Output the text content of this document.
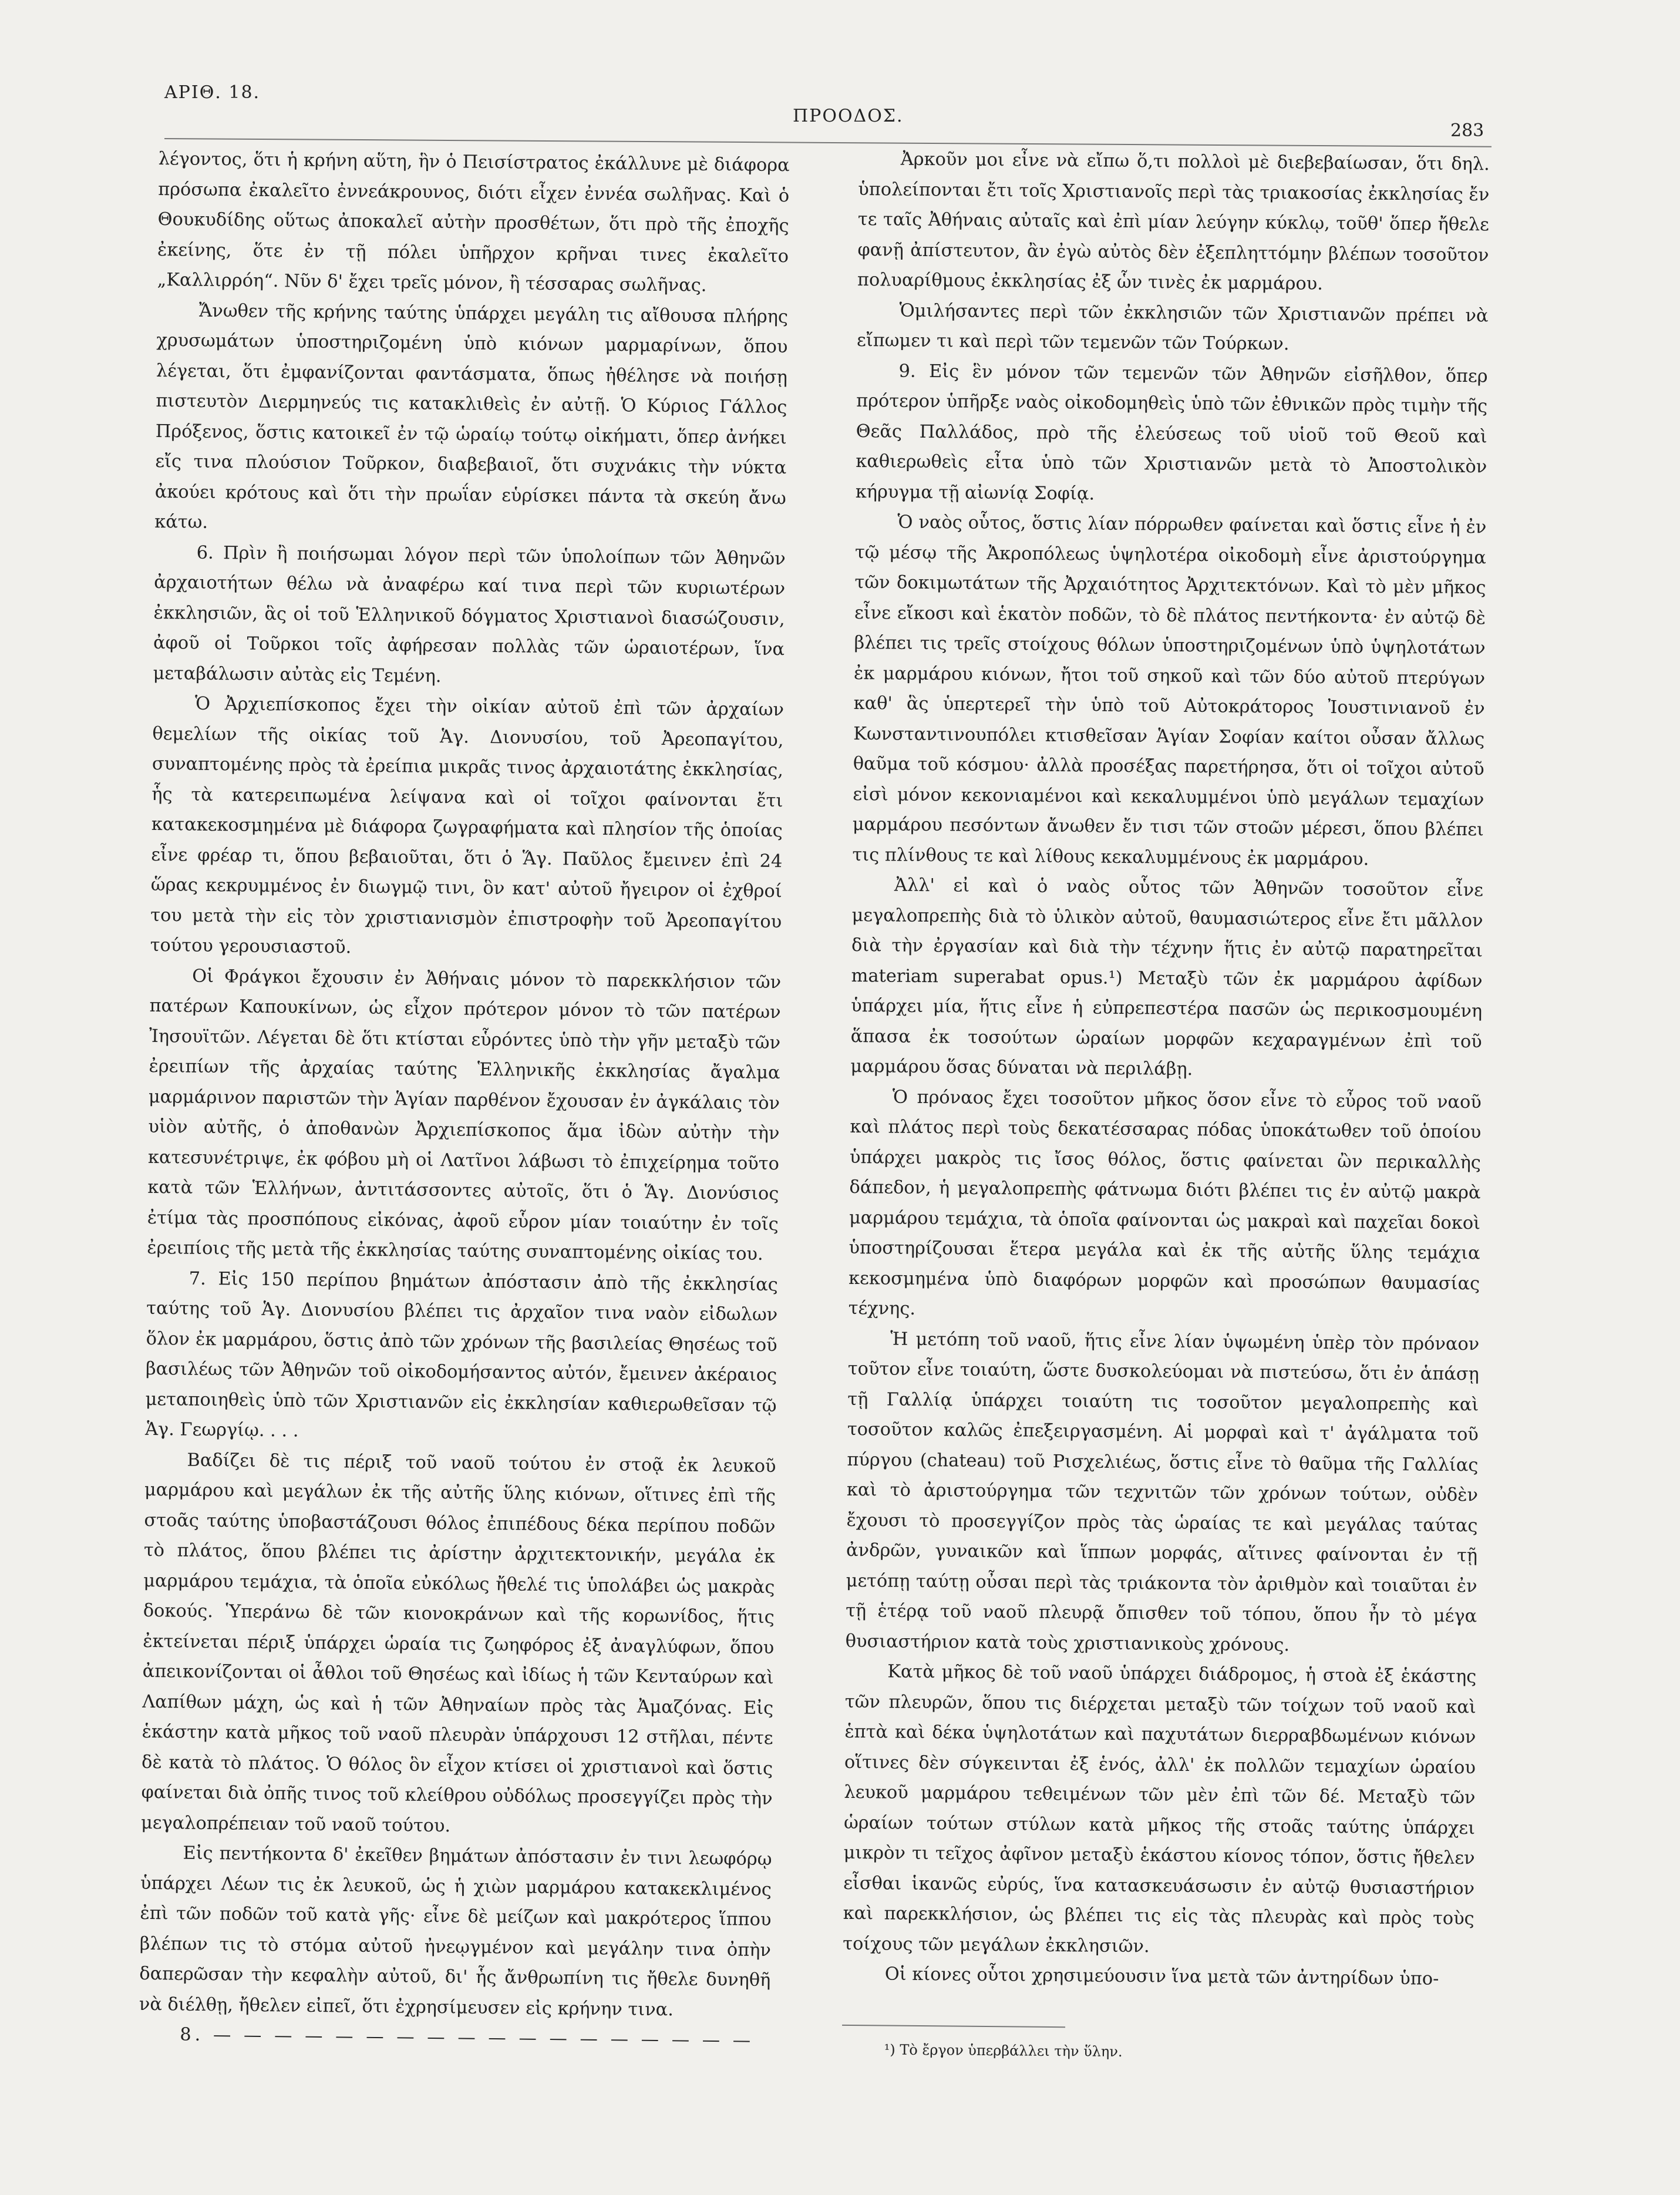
ΑΡΙΘ. 18.
ΠΡΟΟΔΟΣ.
283

λέγοντος, ὅτι ἡ κρήνη αὕτη, ἣν ὁ Πεισίστρατος ἐκάλλυνε μὲ διάφορα πρόσωπα ἐκαλεῖτο ἐννεάκρουνος, διότι εἶχεν ἐννέα σωλῆνας. Καὶ ὁ Θουκυδίδης οὕτως ἀποκαλεῖ αὐτὴν προσθέτων, ὅτι πρὸ τῆς ἐποχῆς ἐκείνης, ὅτε ἐν τῇ πόλει ὑπῆρχον κρῆναι τινες ἐκαλεῖτο „Καλλιρρόη“. Νῦν δ' ἔχει τρεῖς μόνον, ἢ τέσσαρας σωλῆνας.

Ἄνωθεν τῆς κρήνης ταύτης ὑπάρχει μεγάλη τις αἴθουσα πλήρης χρυσωμάτων ὑποστηριζομένη ὑπὸ κιόνων μαρμαρίνων, ὅπου λέγεται, ὅτι ἐμφανίζονται φαντάσματα, ὅπως ἠθέλησε νὰ ποιήσῃ πιστευτὸν Διερμηνεύς τις κατακλιθεὶς ἐν αὐτῇ. Ὁ Κύριος Γάλλος Πρόξενος, ὅστις κατοικεῖ ἐν τῷ ὡραίῳ τούτῳ οἰκήματι, ὅπερ ἀνήκει εἴς τινα πλούσιον Τοῦρκον, διαβεβαιοῖ, ὅτι συχνάκις τὴν νύκτα ἀκούει κρότους καὶ ὅτι τὴν πρωΐαν εὑρίσκει πάντα τὰ σκεύη ἄνω κάτω.

6. Πρὶν ἢ ποιήσωμαι λόγον περὶ τῶν ὑπολοίπων τῶν Ἀθηνῶν ἀρχαιοτήτων θέλω νὰ ἀναφέρω καί τινα περὶ τῶν κυριωτέρων ἐκκλησιῶν, ἃς οἱ τοῦ Ἑλληνικοῦ δόγματος Χριστιανοὶ διασώζουσιν, ἀφοῦ οἱ Τοῦρκοι τοῖς ἀφήρεσαν πολλὰς τῶν ὡραιοτέρων, ἵνα μεταβάλωσιν αὐτὰς εἰς Τεμένη.

Ὁ Ἀρχιεπίσκοπος ἔχει τὴν οἰκίαν αὐτοῦ ἐπὶ τῶν ἀρχαίων θεμελίων τῆς οἰκίας τοῦ Ἁγ. Διονυσίου, τοῦ Ἀρεοπαγίτου, συναπτομένης πρὸς τὰ ἐρείπια μικρᾶς τινος ἀρχαιοτάτης ἐκκλησίας, ἧς τὰ κατερειπωμένα λείψανα καὶ οἱ τοῖχοι φαίνονται ἔτι κατακεκοσμημένα μὲ διάφορα ζωγραφήματα καὶ πλησίον τῆς ὁποίας εἶνε φρέαρ τι, ὅπου βεβαιοῦται, ὅτι ὁ Ἅγ. Παῦλος ἔμεινεν ἐπὶ 24 ὥρας κεκρυμμένος ἐν διωγμῷ τινι, ὃν κατ' αὐτοῦ ἤγειρον οἱ ἐχθροί του μετὰ τὴν εἰς τὸν χριστιανισμὸν ἐπιστροφὴν τοῦ Ἀρεοπαγίτου τούτου γερουσιαστοῦ.

Οἱ Φράγκοι ἔχουσιν ἐν Ἀθήναις μόνον τὸ παρεκκλήσιον τῶν πατέρων Καπουκίνων, ὡς εἶχον πρότερον μόνον τὸ τῶν πατέρων Ἰησουϊτῶν. Λέγεται δὲ ὅτι κτίσται εὗρόντες ὑπὸ τὴν γῆν μεταξὺ τῶν ἐρειπίων τῆς ἀρχαίας ταύτης Ἑλληνικῆς ἐκκλησίας ἄγαλμα μαρμάρινον παριστῶν τὴν Ἁγίαν παρθένον ἔχουσαν ἐν ἀγκάλαις τὸν υἱὸν αὐτῆς, ὁ ἀποθανὼν Ἀρχιεπίσκοπος ἅμα ἰδὼν αὐτὴν τὴν κατεσυνέτριψε, ἐκ φόβου μὴ οἱ Λατῖνοι λάβωσι τὸ ἐπιχείρημα τοῦτο κατὰ τῶν Ἑλλήνων, ἀντιτάσσοντες αὐτοῖς, ὅτι ὁ Ἅγ. Διονύσιος ἐτίμα τὰς προσπόπους εἰκόνας, ἀφοῦ εὗρον μίαν τοιαύτην ἐν τοῖς ἐρειπίοις τῆς μετὰ τῆς ἐκκλησίας ταύτης συναπτομένης οἰκίας του.

7. Εἰς 150 περίπου βημάτων ἀπόστασιν ἀπὸ τῆς ἐκκλησίας ταύτης τοῦ Ἁγ. Διονυσίου βλέπει τις ἀρχαῖον τινα ναὸν εἰδωλων ὅλον ἐκ μαρμάρου, ὅστις ἀπὸ τῶν χρόνων τῆς βασιλείας Θησέως τοῦ βασιλέως τῶν Ἀθηνῶν τοῦ οἰκοδομήσαντος αὐτόν, ἔμεινεν ἀκέραιος μεταποιηθεὶς ὑπὸ τῶν Χριστιανῶν εἰς ἐκκλησίαν καθιερωθεῖσαν τῷ Ἁγ. Γεωργίῳ. . . .

Βαδίζει δὲ τις πέριξ τοῦ ναοῦ τούτου ἐν στοᾷ ἐκ λευκοῦ μαρμάρου καὶ μεγάλων ἐκ τῆς αὐτῆς ὕλης κιόνων, οἵτινες ἐπὶ τῆς στοᾶς ταύτης ὑποβαστάζουσι θόλος ἐπιπέδους δέκα περίπου ποδῶν τὸ πλάτος, ὅπου βλέπει τις ἀρίστην ἀρχιτεκτονικήν, μεγάλα ἐκ μαρμάρου τεμάχια, τὰ ὁποῖα εὐκόλως ἤθελέ τις ὑπολάβει ὡς μακρὰς δοκούς. Ὑπεράνω δὲ τῶν κιονοκράνων καὶ τῆς κορωνίδος, ἥτις ἐκτείνεται πέριξ ὑπάρχει ὡραία τις ζωηφόρος ἐξ ἀναγλύφων, ὅπου ἀπεικονίζονται οἱ ἆθλοι τοῦ Θησέως καὶ ἰδίως ἡ τῶν Κενταύρων καὶ Λαπίθων μάχη, ὡς καὶ ἡ τῶν Ἀθηναίων πρὸς τὰς Ἀμαζόνας. Εἰς ἑκάστην κατὰ μῆκος τοῦ ναοῦ πλευρὰν ὑπάρχουσι 12 στῆλαι, πέντε δὲ κατὰ τὸ πλάτος. Ὁ θόλος ὃν εἶχον κτίσει οἱ χριστιανοὶ καὶ ὅστις φαίνεται διὰ ὀπῆς τινος τοῦ κλείθρου οὐδόλως προσεγγίζει πρὸς τὴν μεγαλοπρέπειαν τοῦ ναοῦ τούτου.

Εἰς πεντήκοντα δ' ἐκεῖθεν βημάτων ἀπόστασιν ἐν τινι λεωφόρῳ ὑπάρχει Λέων τις ἐκ λευκοῦ, ὡς ἡ χιὼν μαρμάρου κατακεκλιμένος ἐπὶ τῶν ποδῶν τοῦ κατὰ γῆς· εἶνε δὲ μείζων καὶ μακρότερος ἵππου βλέπων τις τὸ στόμα αὐτοῦ ἠνεῳγμένον καὶ μεγάλην τινα ὀπὴν δαπερῶσαν τὴν κεφαλὴν αὐτοῦ, δι' ἧς ἄνθρωπίνη τις ἤθελε δυνηθῆ νὰ διέλθῃ, ἤθελεν εἰπεῖ, ὅτι ἐχρησίμευσεν εἰς κρήνην τινα.

8. — — — — — — — — — — — — — — — — — —

Ἀρκοῦν μοι εἶνε νὰ εἴπω ὅ,τι πολλοὶ μὲ διεβεβαίωσαν, ὅτι δηλ. ὑπολείπονται ἔτι τοῖς Χριστιανοῖς περὶ τὰς τριακοσίας ἐκκλησίας ἔν τε ταῖς Ἀθήναις αὐταῖς καὶ ἐπὶ μίαν λεύγην κύκλῳ, τοῦθ' ὅπερ ἤθελε φανῇ ἀπίστευτον, ἂν ἐγὼ αὐτὸς δὲν ἐξεπληττόμην βλέπων τοσοῦτον πολυαρίθμους ἐκκλησίας ἐξ ὧν τινὲς ἐκ μαρμάρου.

Ὁμιλήσαντες περὶ τῶν ἐκκλησιῶν τῶν Χριστιανῶν πρέπει νὰ εἴπωμεν τι καὶ περὶ τῶν τεμενῶν τῶν Τούρκων.

9. Εἰς ἓν μόνον τῶν τεμενῶν τῶν Ἀθηνῶν εἰσῆλθον, ὅπερ πρότερον ὑπῆρξε ναὸς οἰκοδομηθεὶς ὑπὸ τῶν ἐθνικῶν πρὸς τιμὴν τῆς Θεᾶς Παλλάδος, πρὸ τῆς ἐλεύσεως τοῦ υἱοῦ τοῦ Θεοῦ καὶ καθιερωθεὶς εἶτα ὑπὸ τῶν Χριστιανῶν μετὰ τὸ Ἀποστολικὸν κήρυγμα τῇ αἰωνίᾳ Σοφίᾳ.

Ὁ ναὸς οὗτος, ὅστις λίαν πόρρωθεν φαίνεται καὶ ὅστις εἶνε ἡ ἐν τῷ μέσῳ τῆς Ἀκροπόλεως ὑψηλοτέρα οἰκοδομὴ εἶνε ἀριστούργημα τῶν δοκιμωτάτων τῆς Ἀρχαιότητος Ἀρχιτεκτόνων. Καὶ τὸ μὲν μῆκος εἶνε εἴκοσι καὶ ἑκατὸν ποδῶν, τὸ δὲ πλάτος πεντήκοντα· ἐν αὐτῷ δὲ βλέπει τις τρεῖς στοίχους θόλων ὑποστηριζομένων ὑπὸ ὑψηλοτάτων ἐκ μαρμάρου κιόνων, ἤτοι τοῦ σηκοῦ καὶ τῶν δύο αὐτοῦ πτερύγων καθ' ἃς ὑπερτερεῖ τὴν ὑπὸ τοῦ Αὐτοκράτορος Ἰουστινιανοῦ ἐν Κωνσταντινουπόλει κτισθεῖσαν Ἁγίαν Σοφίαν καίτοι οὖσαν ἄλλως θαῦμα τοῦ κόσμου· ἀλλὰ προσέξας παρετήρησα, ὅτι οἱ τοῖχοι αὐτοῦ εἰσὶ μόνον κεκονιαμένοι καὶ κεκαλυμμένοι ὑπὸ μεγάλων τεμαχίων μαρμάρου πεσόντων ἄνωθεν ἔν τισι τῶν στοῶν μέρεσι, ὅπου βλέπει τις πλίνθους τε καὶ λίθους κεκαλυμμένους ἐκ μαρμάρου.

Ἀλλ' εἰ καὶ ὁ ναὸς οὗτος τῶν Ἀθηνῶν τοσοῦτον εἶνε μεγαλοπρεπὴς διὰ τὸ ὑλικὸν αὐτοῦ, θαυμασιώτερος εἶνε ἔτι μᾶλλον διὰ τὴν ἐργασίαν καὶ διὰ τὴν τέχνην ἥτις ἐν αὐτῷ παρατηρεῖται materiam superabat opus.¹) Μεταξὺ τῶν ἐκ μαρμάρου ἀφίδων ὑπάρχει μία, ἥτις εἶνε ἡ εὐπρεπεστέρα πασῶν ὡς περικοσμουμένη ἅπασα ἐκ τοσούτων ὡραίων μορφῶν κεχαραγμένων ἐπὶ τοῦ μαρμάρου ὅσας δύναται νὰ περιλάβῃ.

Ὁ πρόναος ἔχει τοσοῦτον μῆκος ὅσον εἶνε τὸ εὖρος τοῦ ναοῦ καὶ πλάτος περὶ τοὺς δεκατέσσαρας πόδας ὑποκάτωθεν τοῦ ὁποίου ὑπάρχει μακρὸς τις ἴσος θόλος, ὅστις φαίνεται ὢν περικαλλὴς δάπεδον, ἡ μεγαλοπρεπὴς φάτνωμα διότι βλέπει τις ἐν αὐτῷ μακρὰ μαρμάρου τεμάχια, τὰ ὁποῖα φαίνονται ὡς μακραὶ καὶ παχεῖαι δοκοὶ ὑποστηρίζουσαι ἕτερα μεγάλα καὶ ἐκ τῆς αὐτῆς ὕλης τεμάχια κεκοσμημένα ὑπὸ διαφόρων μορφῶν καὶ προσώπων θαυμασίας τέχνης.

Ἡ μετόπη τοῦ ναοῦ, ἥτις εἶνε λίαν ὑψωμένη ὑπὲρ τὸν πρόναον τοῦτον εἶνε τοιαύτη, ὥστε δυσκολεύομαι νὰ πιστεύσω, ὅτι ἐν ἁπάσῃ τῇ Γαλλίᾳ ὑπάρχει τοιαύτη τις τοσοῦτον μεγαλοπρεπὴς καὶ τοσοῦτον καλῶς ἐπεξειργασμένη. Αἱ μορφαὶ καὶ τ' ἀγάλματα τοῦ πύργου (chateau) τοῦ Ρισχελιέως, ὅστις εἶνε τὸ θαῦμα τῆς Γαλλίας καὶ τὸ ἀριστούργημα τῶν τεχνιτῶν τῶν χρόνων τούτων, οὐδὲν ἔχουσι τὸ προσεγγίζον πρὸς τὰς ὡραίας τε καὶ μεγάλας ταύτας ἀνδρῶν, γυναικῶν καὶ ἵππων μορφάς, αἵτινες φαίνονται ἐν τῇ μετόπῃ ταύτῃ οὖσαι περὶ τὰς τριάκοντα τὸν ἀριθμὸν καὶ τοιαῦται ἐν τῇ ἑτέρᾳ τοῦ ναοῦ πλευρᾷ ὄπισθεν τοῦ τόπου, ὅπου ἦν τὸ μέγα θυσιαστήριον κατὰ τοὺς χριστιανικοὺς χρόνους.

Κατὰ μῆκος δὲ τοῦ ναοῦ ὑπάρχει διάδρομος, ἡ στοὰ ἐξ ἑκάστης τῶν πλευρῶν, ὅπου τις διέρχεται μεταξὺ τῶν τοίχων τοῦ ναοῦ καὶ ἑπτὰ καὶ δέκα ὑψηλοτάτων καὶ παχυτάτων διερραβδωμένων κιόνων οἵτινες δὲν σύγκεινται ἐξ ἑνός, ἀλλ' ἐκ πολλῶν τεμαχίων ὡραίου λευκοῦ μαρμάρου τεθειμένων τῶν μὲν ἐπὶ τῶν δέ. Μεταξὺ τῶν ὡραίων τούτων στύλων κατὰ μῆκος τῆς στοᾶς ταύτης ὑπάρχει μικρὸν τι τεῖχος ἀφῖνον μεταξὺ ἑκάστου κίονος τόπον, ὅστις ἤθελεν εἶσθαι ἱκανῶς εὐρύς, ἵνα κατασκευάσωσιν ἐν αὐτῷ θυσιαστήριον καὶ παρεκκλήσιον, ὡς βλέπει τις εἰς τὰς πλευρὰς καὶ πρὸς τοὺς τοίχους τῶν μεγάλων ἐκκλησιῶν.

Οἱ κίονες οὗτοι χρησιμεύουσιν ἵνα μετὰ τῶν ἀντηρίδων ὑπο-

¹) Τὸ ἔργον ὑπερβάλλει τὴν ὕλην.
